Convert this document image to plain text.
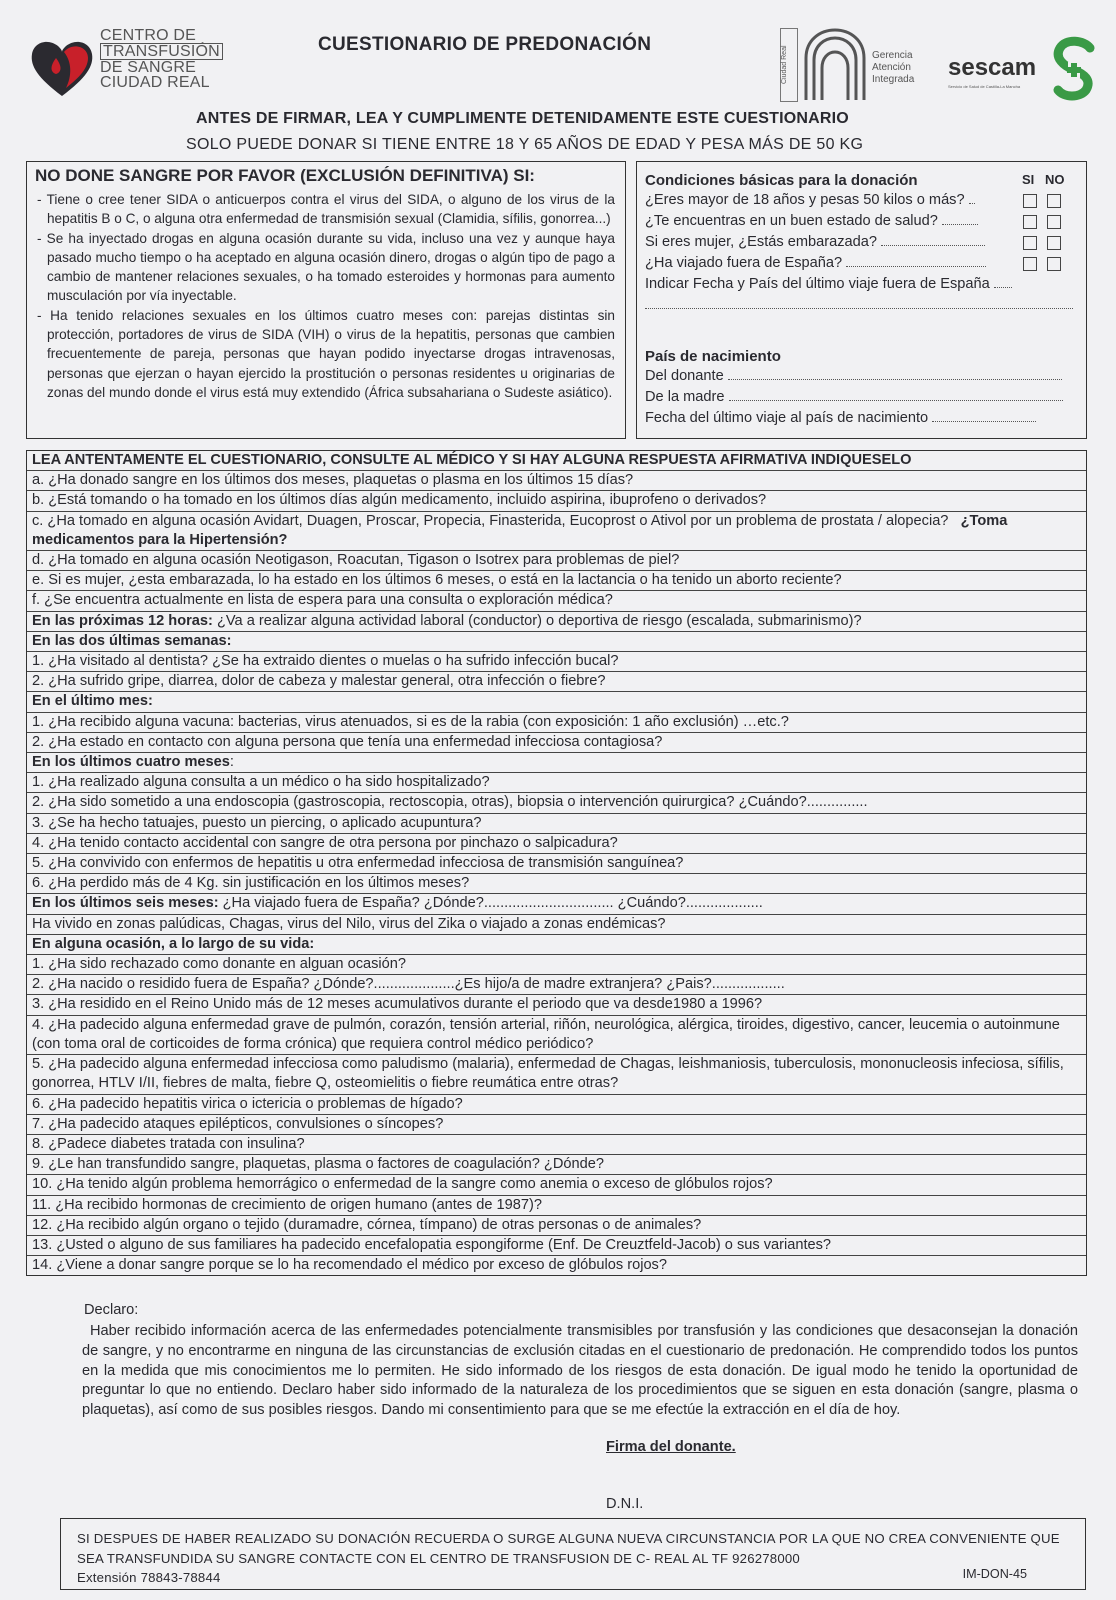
CENTRO DE
TRANSFUSIÓN
DE SANGRE
CIUDAD REAL
CUESTIONARIO DE PREDONACIÓN
Ciudad Real	Gerencia
Atención
Integrada sescam
Servicio de Salud de Castilla-La Mancha
ANTES DE FIRMAR, LEA Y CUMPLIMENTE DETENIDAMENTE ESTE CUESTIONARIO
SOLO PUEDE DONAR SI TIENE ENTRE 18 Y 65 AÑOS DE EDAD Y PESA MÁS DE 50 KG
NO DONE SANGRE POR FAVOR (EXCLUSIÓN DEFINITIVA) SI:

- Tiene o cree tener SIDA o anticuerpos contra el virus del SIDA, o alguno de los virus de la hepatitis B o C, o alguna otra enfermedad de transmisión sexual (Clamidia, sífilis, gonorrea...)

- Se ha inyectado drogas en alguna ocasión durante su vida, incluso una vez y aunque haya pasado mucho tiempo o ha aceptado en alguna ocasión dinero, drogas o algún tipo de pago a cambio de mantener relaciones sexuales, o ha tomado esteroides y hormonas para aumento musculación por vía inyectable.

- Ha tenido relaciones sexuales en los últimos cuatro meses con: parejas distintas sin protección, portadores de virus de SIDA (VIH) o virus de la hepatitis, personas que cambien frecuentemente de pareja, personas que hayan podido inyectarse drogas intravenosas, personas que ejerzan o hayan ejercido la prostitución o personas residentes u originarias de zonas del mundo donde el virus está muy extendido (África subsahariana o Sudeste asiático).

Condiciones básicas para la donación	SI NO
¿Eres mayor de 18 años y pesas 50 kilos o más?
¿Te encuentras en un buen estado de salud?
Si eres mujer, ¿Estás embarazada?
¿Ha viajado fuera de España?
Indicar Fecha y País del último viaje fuera de España
País de nacimiento
Del donante
De la madre
Fecha del último viaje al país de nacimiento
LEA ANTENTAMENTE EL CUESTIONARIO, CONSULTE AL MÉDICO Y SI HAY ALGUNA RESPUESTA AFIRMATIVA INDIQUESELO
a. ¿Ha donado sangre en los últimos dos meses, plaquetas o plasma en los últimos 15 días?
b. ¿Está tomando o ha tomado en los últimos días algún medicamento, incluido aspirina, ibuprofeno o derivados?
c. ¿Ha tomado en alguna ocasión Avidart, Duagen, Proscar, Propecia, Finasterida, Eucoprost o Ativol por un problema de prostata / alopecia? ¿Toma medicamentos para la Hipertensión?
d. ¿Ha tomado en alguna ocasión Neotigason, Roacutan, Tigason o Isotrex para problemas de piel?
e. Si es mujer, ¿esta embarazada, lo ha estado en los últimos 6 meses, o está en la lactancia o ha tenido un aborto reciente?
f. ¿Se encuentra actualmente en lista de espera para una consulta o exploración médica?
En las próximas 12 horas: ¿Va a realizar alguna actividad laboral (conductor) o deportiva de riesgo (escalada, submarinismo)?
En las dos últimas semanas:
1. ¿Ha visitado al dentista? ¿Se ha extraido dientes o muelas o ha sufrido infección bucal?
2. ¿Ha sufrido gripe, diarrea, dolor de cabeza y malestar general, otra infección o fiebre?
En el último mes:
1. ¿Ha recibido alguna vacuna: bacterias, virus atenuados, si es de la rabia (con exposición: 1 año exclusión) …etc.?
2. ¿Ha estado en contacto con alguna persona que tenía una enfermedad infecciosa contagiosa?
En los últimos cuatro meses:
1. ¿Ha realizado alguna consulta a un médico o ha sido hospitalizado?
2. ¿Ha sido sometido a una endoscopia (gastroscopia, rectoscopia, otras), biopsia o intervención quirurgica? ¿Cuándo?...............
3. ¿Se ha hecho tatuajes, puesto un piercing, o aplicado acupuntura?
4. ¿Ha tenido contacto accidental con sangre de otra persona por pinchazo o salpicadura?
5. ¿Ha convivido con enfermos de hepatitis u otra enfermedad infecciosa de transmisión sanguínea?
6. ¿Ha perdido más de 4 Kg. sin justificación en los últimos meses?
En los últimos seis meses: ¿Ha viajado fuera de España? ¿Dónde?................................ ¿Cuándo?...................
Ha vivido en zonas palúdicas, Chagas, virus del Nilo, virus del Zika o viajado a zonas endémicas?
En alguna ocasión, a lo largo de su vida:
1. ¿Ha sido rechazado como donante en alguan ocasión?
2. ¿Ha nacido o residido fuera de España? ¿Dónde?....................¿Es hijo/a de madre extranjera? ¿Pais?..................
3. ¿Ha residido en el Reino Unido más de 12 meses acumulativos durante el periodo que va desde1980 a 1996?
4. ¿Ha padecido alguna enfermedad grave de pulmón, corazón, tensión arterial, riñón, neurológica, alérgica, tiroides, digestivo, cancer, leucemia o autoinmune (con toma oral de corticoides de forma crónica) que requiera control médico periódico?
5. ¿Ha padecido alguna enfermedad infecciosa como paludismo (malaria), enfermedad de Chagas, leishmaniosis, tuberculosis, mononucleosis infeciosa, sífilis, gonorrea, HTLV I/II, fiebres de malta, fiebre Q, osteomielitis o fiebre reumática entre otras?
6. ¿Ha padecido hepatitis virica o ictericia o problemas de hígado?
7. ¿Ha padecido ataques epilépticos, convulsiones o síncopes?
8. ¿Padece diabetes tratada con insulina?
9. ¿Le han transfundido sangre, plaquetas, plasma o factores de coagulación? ¿Dónde?
10. ¿Ha tenido algún problema hemorrágico o enfermedad de la sangre como anemia o exceso de glóbulos rojos?
11. ¿Ha recibido hormonas de crecimiento de origen humano (antes de 1987)?
12. ¿Ha recibido algún organo o tejido (duramadre, córnea, tímpano) de otras personas o de animales?
13. ¿Usted o alguno de sus familiares ha padecido encefalopatia espongiforme (Enf. De Creuztfeld-Jacob) o sus variantes?
14. ¿Viene a donar sangre porque se lo ha recomendado el médico por exceso de glóbulos rojos?
Declaro:
Haber recibido información acerca de las enfermedades potencialmente transmisibles por transfusión y las condiciones que desaconsejan la donación de sangre, y no encontrarme en ninguna de las circunstancias de exclusión citadas en el cuestionario de predonación. He comprendido todos los puntos en la medida que mis conocimientos me lo permiten. He sido informado de los riesgos de esta donación. De igual modo he tenido la oportunidad de preguntar lo que no entiendo. Declaro haber sido informado de la naturaleza de los procedimientos que se siguen en esta donación (sangre, plasma o plaquetas), así como de sus posibles riesgos. Dando mi consentimiento para que se me efectúe la extracción en el día de hoy.
Firma del donante.
D.N.I.
SI DESPUES DE HABER REALIZADO SU DONACIÓN RECUERDA O SURGE ALGUNA NUEVA CIRCUNSTANCIA POR LA QUE NO CREA CONVENIENTE QUE SEA TRANSFUNDIDA SU SANGRE CONTACTE CON EL CENTRO DE TRANSFUSION DE C- REAL AL TF 926278000
Extensión 78843-78844	IM-DON-45
